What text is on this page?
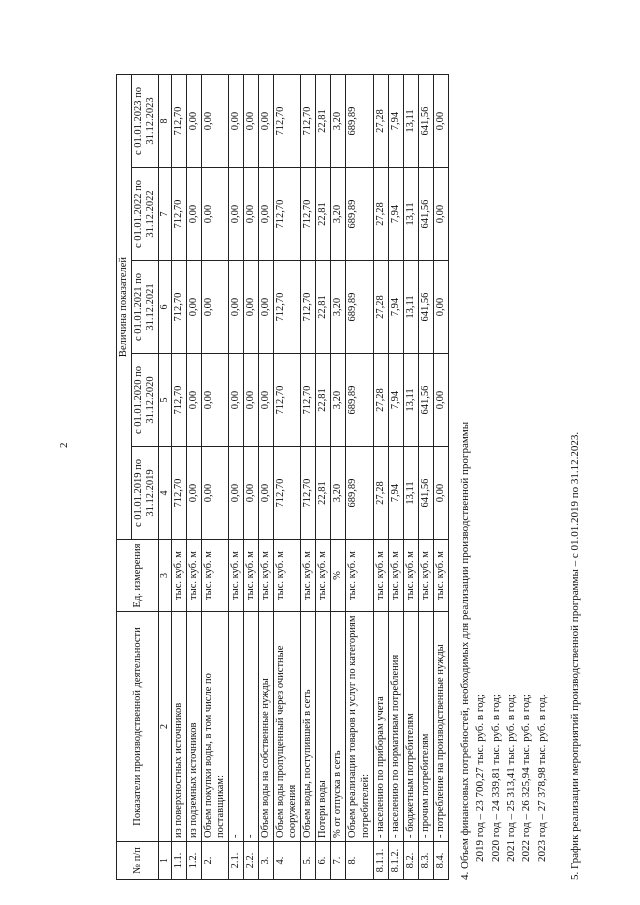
2
№ п/п	Показатели производственной деятельности	Ед. измерения	Величина показателей				
			с 01.01.2019 по 31.12.2019	с 01.01.2020 по 31.12.2020	с 01.01.2021 по 31.12.2021	с 01.01.2022 по 31.12.2022	с 01.01.2023 по 31.12.2023
1	2	3	4	5	6	7	8
1.1.	из поверхностных источников	тыс. куб. м	712,70	712,70	712,70	712,70	712,70
1.2.	из подземных источников	тыс. куб. м	0,00	0,00	0,00	0,00	0,00
2.	Объем покупки воды, в том числе по поставщикам:	тыс. куб. м	0,00	0,00	0,00	0,00	0,00
2.1.	-	тыс. куб. м	0,00	0,00	0,00	0,00	0,00
2.2.	-	тыс. куб. м	0,00	0,00	0,00	0,00	0,00
3.	Объем воды на собственные нужды	тыс. куб. м	0,00	0,00	0,00	0,00	0,00
4.	Объем воды пропущенный через очистные сооружения	тыс. куб. м	712,70	712,70	712,70	712,70	712,70
5.	Объем воды, поступившей в сеть	тыс. куб. м	712,70	712,70	712,70	712,70	712,70
6.	Потери воды	тыс. куб. м	22,81	22,81	22,81	22,81	22,81
7.	% от отпуска в сеть	%	3,20	3,20	3,20	3,20	3,20
8.	Объем реализации товаров и услуг по категориям потребителей:	тыс. куб. м	689,89	689,89	689,89	689,89	689,89
8.1.1.	- населению по приборам учета	тыс. куб. м	27,28	27,28	27,28	27,28	27,28
8.1.2.	- населению по нормативам потребления	тыс. куб. м	7,94	7,94	7,94	7,94	7,94
8.2.	- бюджетным потребителям	тыс. куб. м	13,11	13,11	13,11	13,11	13,11
8.3.	- прочим потребителям	тыс. куб. м	641,56	641,56	641,56	641,56	641,56
8.4.	- потребление на производственные нужды	тыс. куб. м	0,00	0,00	0,00	0,00	0,00

4. Объем финансовых потребностей, необходимых для реализации производственной программы 2019 год – 23 700,27 тыс. руб. в год; 2020 год – 24 339,81 тыс. руб. в год; 2021 год – 25 313,41 тыс. руб. в год; 2022 год – 26 325,94 тыс. руб. в год; 2023 год – 27 378,98 тыс. руб. в год. 5. График реализации мероприятий производственной программы – с 01.01.2019 по 31.12.2023.
